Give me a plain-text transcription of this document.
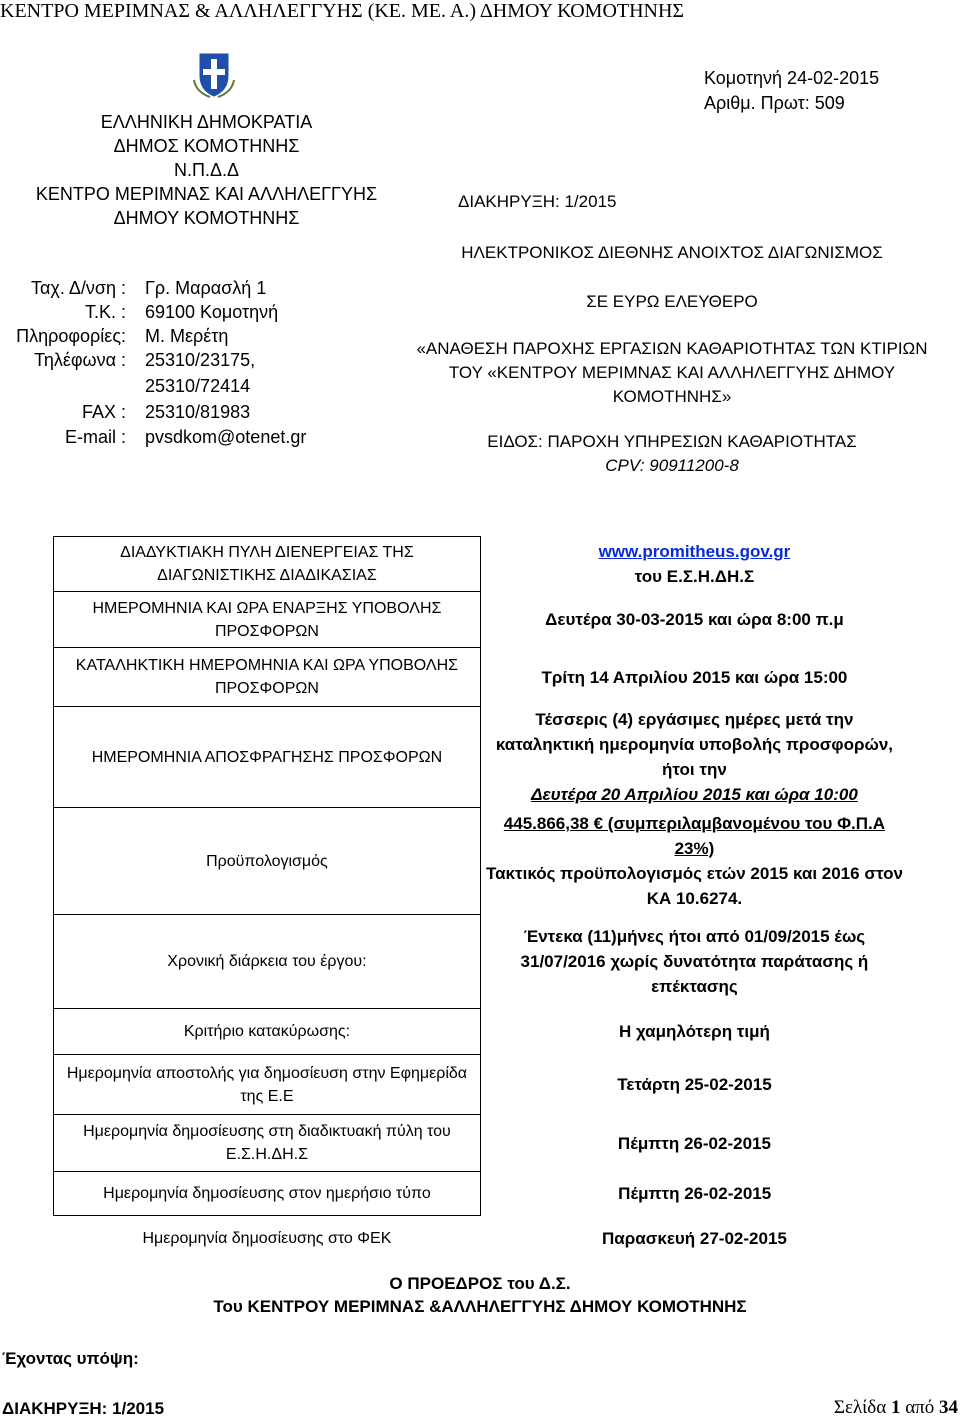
ΚΕΝΤΡΟ ΜΕΡΙΜΝΑΣ & ΑΛΛΗΛΕΓΓΥΗΣ (ΚΕ. ΜΕ. Α.) ΔΗΜΟΥ ΚΟΜΟΤΗΝΗΣ
ΕΛΛΗΝΙΚΗ ΔΗΜΟΚΡΑΤΙΑ
ΔΗΜΟΣ ΚΟΜΟΤΗΝΗΣ
Ν.Π.Δ.Δ
ΚΕΝΤΡΟ ΜΕΡΙΜΝΑΣ ΚΑΙ ΑΛΛΗΛΕΓΓΥΗΣ
ΔΗΜΟΥ ΚΟΜΟΤΗΝΗΣ
Ταχ. Δ/νση : Γρ. Μαρασλή 1
Τ.Κ. : 69100 Κομοτηνή
Πληροφορίες: Μ. Μερέτη
Τηλέφωνα : 25310/23175,
25310/72414
FAX : 25310/81983
E-mail : pvsdkom@otenet.gr
Κομοτηνή 24-02-2015
Αριθμ. Πρωτ: 509
ΔΙΑΚΗΡΥΞΗ: 1/2015
ΗΛΕΚΤΡΟΝΙΚΟΣ ΔΙΕΘΝΗΣ ΑΝΟΙΧΤΟΣ ΔΙΑΓΩΝΙΣΜΟΣ
ΣΕ ΕΥΡΩ ΕΛΕΥΘΕΡΟ
«ΑΝΑΘΕΣΗ ΠΑΡΟΧΗΣ ΕΡΓΑΣΙΩΝ ΚΑΘΑΡΙΟΤΗΤΑΣ ΤΩΝ ΚΤΙΡΙΩΝ
ΤΟΥ «ΚΕΝΤΡΟΥ ΜΕΡΙΜΝΑΣ ΚΑΙ ΑΛΛΗΛΕΓΓΥΗΣ ΔΗΜΟΥ
ΚΟΜΟΤΗΝΗΣ»
ΕΙΔΟΣ: ΠΑΡΟΧΗ ΥΠΗΡΕΣΙΩΝ ΚΑΘΑΡΙΟΤΗΤΑΣ
CPV: 90911200-8
ΔΙΑΔΥΚΤΙΑΚΗ ΠΥΛΗ ΔΙΕΝΕΡΓΕΙΑΣ ΤΗΣ ΔΙΑΓΩΝΙΣΤΙΚΗΣ ΔΙΑΔΙΚΑΣΙΑΣ	www.promitheus.gov.gr
του Ε.Σ.Η.ΔΗ.Σ

ΗΜΕΡΟΜΗΝΙΑ ΚΑΙ ΩΡΑ ΕΝΑΡΞΗΣ ΥΠΟΒΟΛΗΣ ΠΡΟΣΦΟΡΩΝ	Δευτέρα 30-03-2015 και ώρα 8:00 π.μ
ΚΑΤΑΛΗΚΤΙΚΗ ΗΜΕΡΟΜΗΝΙΑ ΚΑΙ ΩΡΑ ΥΠΟΒΟΛΗΣ ΠΡΟΣΦΟΡΩΝ	Τρίτη 14 Απριλίου 2015 και ώρα 15:00
ΗΜΕΡΟΜΗΝΙΑ ΑΠΟΣΦΡΑΓΗΣΗΣ ΠΡΟΣΦΟΡΩΝ	Τέσσερις (4) εργάσιμες ημέρες μετά την καταληκτική ημερομηνία υποβολής προσφορών, ήτοι την
Δευτέρα 20 Απριλίου 2015 και ώρα 10:00

Προϋπολογισμός	445.866,38 € (συμπεριλαμβανομένου του Φ.Π.Α 23%)
Τακτικός προϋπολογισμός ετών 2015 και 2016 στον ΚΑ 10.6274.

Χρονική διάρκεια του έργου:	Έντεκα (11)μήνες ήτοι από 01/09/2015 έως 31/07/2016 χωρίς δυνατότητα παράτασης ή επέκτασης
Κριτήριο κατακύρωσης:	Η χαμηλότερη τιμή
Ημερομηνία αποστολής για δημοσίευση στην Εφημερίδα της Ε.Ε	Τετάρτη 25-02-2015
Ημερομηνία δημοσίευσης στη διαδικτυακή πύλη του Ε.Σ.Η.ΔΗ.Σ	Πέμπτη 26-02-2015
Ημερομηνία δημοσίευσης στον ημερήσιο τύπο	Πέμπτη 26-02-2015
Ημερομηνία δημοσίευσης στο ΦΕΚ	Παρασκευή 27-02-2015
Ο ΠΡΟΕΔΡΟΣ του Δ.Σ.
Του ΚΕΝΤΡΟΥ ΜΕΡΙΜΝΑΣ &ΑΛΛΗΛΕΓΓΥΗΣ ΔΗΜΟΥ ΚΟΜΟΤΗΝΗΣ
Έχοντας υπόψη:
ΔΙΑΚΗΡΥΞΗ: 1/2015	Σελίδα 1 από 34
